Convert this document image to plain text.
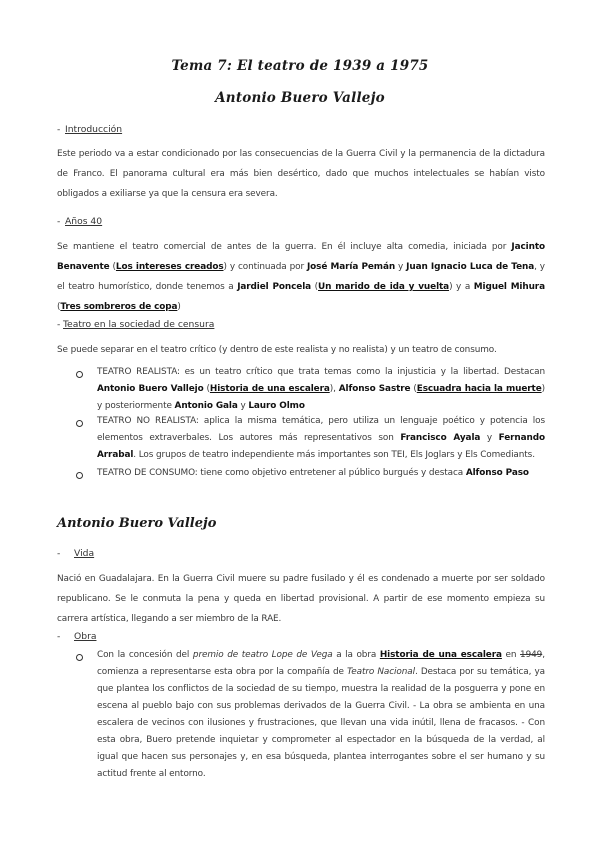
Tema 7: El teatro de 1939 a 1975
Antonio Buero Vallejo
- Introducción
Este periodo va a estar condicionado por las consecuencias de la Guerra Civil y la permanencia de la dictadura de Franco. El panorama cultural era más bien desértico, dado que muchos intelectuales se habían visto obligados a exiliarse ya que la censura era severa.
- Años 40
Se mantiene el teatro comercial de antes de la guerra. En él incluye alta comedia, iniciada por Jacinto Benavente (Los intereses creados) y continuada por José María Pemán y Juan Ignacio Luca de Tena, y el teatro humorístico, donde tenemos a Jardiel Poncela (Un marido de ida y vuelta) y a Miguel Mihura (Tres sombreros de copa)
- Teatro en la sociedad de censura
Se puede separar en el teatro crítico (y dentro de este realista y no realista) y un teatro de consumo.
TEATRO REALISTA: es un teatro crítico que trata temas como la injusticia y la libertad. Destacan Antonio Buero Vallejo (Historia de una escalera), Alfonso Sastre (Escuadra hacia la muerte) y posteriormente Antonio Gala y Lauro Olmo
TEATRO NO REALISTA: aplica la misma temática, pero utiliza un lenguaje poético y potencia los elementos extraverbales. Los autores más representativos son Francisco Ayala y Fernando Arrabal. Los grupos de teatro independiente más importantes son TEI, Els Joglars y Els Comediants.
TEATRO DE CONSUMO: tiene como objetivo entretener al público burgués y destaca Alfonso Paso
Antonio Buero Vallejo
- Vida
Nació en Guadalajara. En la Guerra Civil muere su padre fusilado y él es condenado a muerte por ser soldado republicano. Se le conmuta la pena y queda en libertad provisional. A partir de ese momento empieza su carrera artística, llegando a ser miembro de la RAE.
- Obra
Con la concesión del premio de teatro Lope de Vega a la obra Historia de una escalera en 1949, comienza a representarse esta obra por la compañía de Teatro Nacional. Destaca por su temática, ya que plantea los conflictos de la sociedad de su tiempo, muestra la realidad de la posguerra y pone en escena al pueblo bajo con sus problemas derivados de la Guerra Civil. - La obra se ambienta en una escalera de vecinos con ilusiones y frustraciones, que llevan una vida inútil, llena de fracasos. - Con esta obra, Buero pretende inquietar y comprometer al espectador en la búsqueda de la verdad, al igual que hacen sus personajes y, en esa búsqueda, plantea interrogantes sobre el ser humano y su actitud frente al entorno.
